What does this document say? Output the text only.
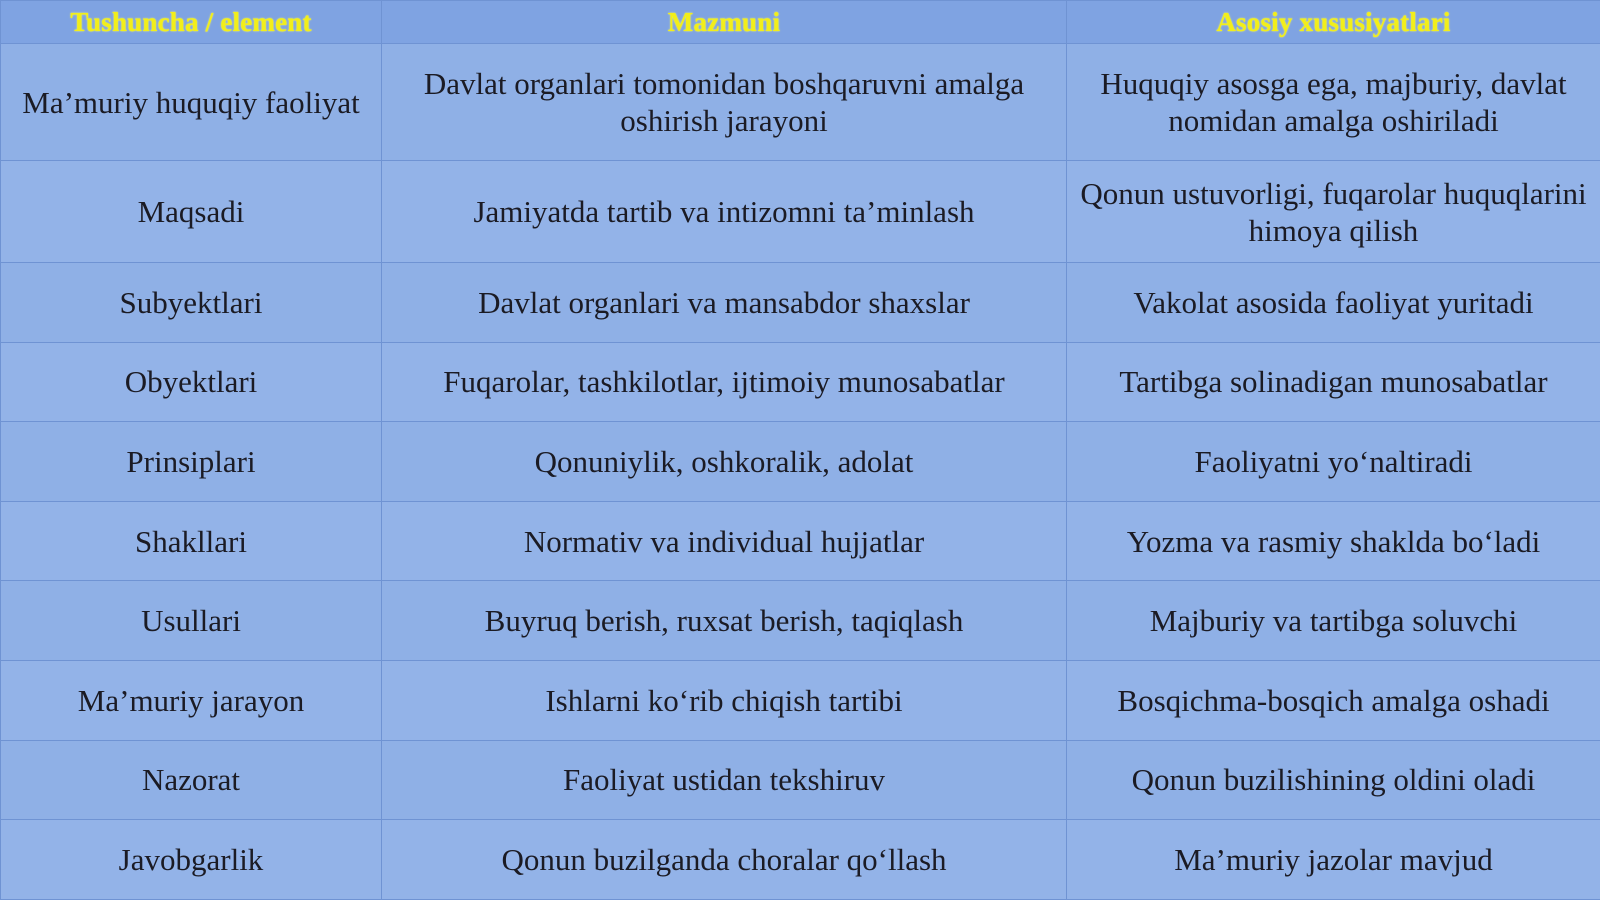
Tushuncha / element	Mazmuni	Asosiy xususiyatlari
Ma’muriy huquqiy faoliyat	Davlat organlari tomonidan boshqaruvni amalga oshirish jarayoni	Huquqiy asosga ega, majburiy, davlat nomidan amalga oshiriladi
Maqsadi	Jamiyatda tartib va intizomni ta’minlash	Qonun ustuvorligi, fuqarolar huquqlarini himoya qilish
Subyektlari	Davlat organlari va mansabdor shaxslar	Vakolat asosida faoliyat yuritadi
Obyektlari	Fuqarolar, tashkilotlar, ijtimoiy munosabatlar	Tartibga solinadigan munosabatlar
Prinsiplari	Qonuniylik, oshkoralik, adolat	Faoliyatni yo‘naltiradi
Shakllari	Normativ va individual hujjatlar	Yozma va rasmiy shaklda bo‘ladi
Usullari	Buyruq berish, ruxsat berish, taqiqlash	Majburiy va tartibga soluvchi
Ma’muriy jarayon	Ishlarni ko‘rib chiqish tartibi	Bosqichma-bosqich amalga oshadi
Nazorat	Faoliyat ustidan tekshiruv	Qonun buzilishining oldini oladi
Javobgarlik	Qonun buzilganda choralar qo‘llash	Ma’muriy jazolar mavjud
